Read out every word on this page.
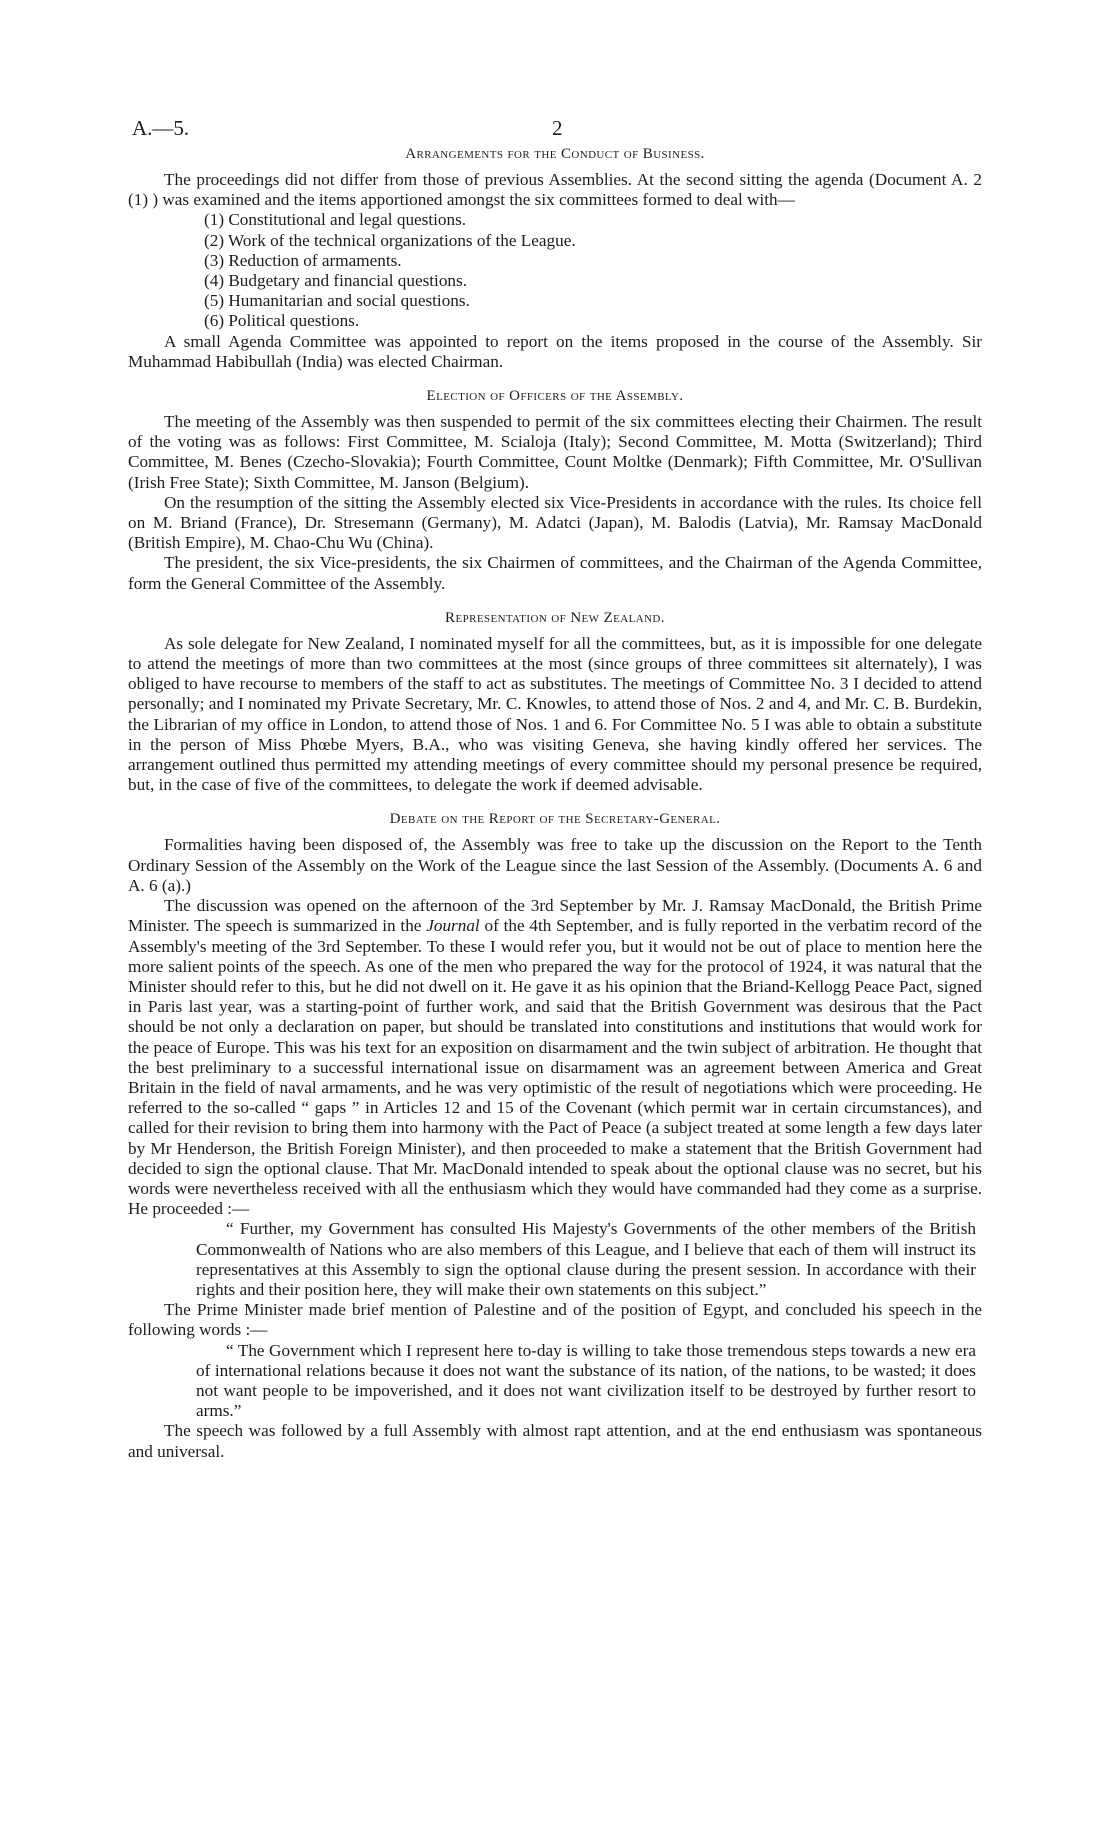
A.—5.	2
Arrangements for the Conduct of Business.

The proceedings did not differ from those of previous Assemblies. At the second sitting the agenda (Document A. 2 (1) ) was examined and the items apportioned amongst the six committees formed to deal with—

(1) Constitutional and legal questions.
(2) Work of the technical organizations of the League.
(3) Reduction of armaments.
(4) Budgetary and financial questions.
(5) Humanitarian and social questions.
(6) Political questions.

A small Agenda Committee was appointed to report on the items proposed in the course of the Assembly. Sir Muhammad Habibullah (India) was elected Chairman.

Election of Officers of the Assembly.

The meeting of the Assembly was then suspended to permit of the six committees electing their Chairmen. The result of the voting was as follows: First Committee, M. Scialoja (Italy); Second Committee, M. Motta (Switzerland); Third Committee, M. Benes (Czecho-Slovakia); Fourth Committee, Count Moltke (Denmark); Fifth Committee, Mr. O'Sullivan (Irish Free State); Sixth Committee, M. Janson (Belgium).

On the resumption of the sitting the Assembly elected six Vice-Presidents in accordance with the rules. Its choice fell on M. Briand (France), Dr. Stresemann (Germany), M. Adatci (Japan), M. Balodis (Latvia), Mr. Ramsay MacDonald (British Empire), M. Chao-Chu Wu (China).

The president, the six Vice-presidents, the six Chairmen of committees, and the Chairman of the Agenda Committee, form the General Committee of the Assembly.

Representation of New Zealand.

As sole delegate for New Zealand, I nominated myself for all the committees, but, as it is impossible for one delegate to attend the meetings of more than two committees at the most (since groups of three committees sit alternately), I was obliged to have recourse to members of the staff to act as substitutes. The meetings of Committee No. 3 I decided to attend personally; and I nominated my Private Secretary, Mr. C. Knowles, to attend those of Nos. 2 and 4, and Mr. C. B. Burdekin, the Librarian of my office in London, to attend those of Nos. 1 and 6. For Committee No. 5 I was able to obtain a substitute in the person of Miss Phœbe Myers, B.A., who was visiting Geneva, she having kindly offered her services. The arrangement outlined thus permitted my attending meetings of every committee should my personal presence be required, but, in the case of five of the committees, to delegate the work if deemed advisable.

Debate on the Report of the Secretary-General.

Formalities having been disposed of, the Assembly was free to take up the discussion on the Report to the Tenth Ordinary Session of the Assembly on the Work of the League since the last Session of the Assembly. (Documents A. 6 and A. 6 (a).)

The discussion was opened on the afternoon of the 3rd September by Mr. J. Ramsay MacDonald, the British Prime Minister. The speech is summarized in the Journal of the 4th September, and is fully reported in the verbatim record of the Assembly's meeting of the 3rd September. To these I would refer you, but it would not be out of place to mention here the more salient points of the speech. As one of the men who prepared the way for the protocol of 1924, it was natural that the Minister should refer to this, but he did not dwell on it. He gave it as his opinion that the Briand-Kellogg Peace Pact, signed in Paris last year, was a starting-point of further work, and said that the British Government was desirous that the Pact should be not only a declaration on paper, but should be translated into constitutions and institutions that would work for the peace of Europe. This was his text for an exposition on disarmament and the twin subject of arbitration. He thought that the best preliminary to a successful international issue on disarmament was an agreement between America and Great Britain in the field of naval armaments, and he was very optimistic of the result of negotiations which were proceeding. He referred to the so-called “ gaps ” in Articles 12 and 15 of the Covenant (which permit war in certain circumstances), and called for their revision to bring them into harmony with the Pact of Peace (a subject treated at some length a few days later by Mr Henderson, the British Foreign Minister), and then proceeded to make a statement that the British Government had decided to sign the optional clause. That Mr. MacDonald intended to speak about the optional clause was no secret, but his words were nevertheless received with all the enthusiasm which they would have commanded had they come as a surprise. He proceeded :—

“ Further, my Government has consulted His Majesty's Governments of the other members of the British Commonwealth of Nations who are also members of this League, and I believe that each of them will instruct its representatives at this Assembly to sign the optional clause during the present session. In accordance with their rights and their position here, they will make their own statements on this subject.”

The Prime Minister made brief mention of Palestine and of the position of Egypt, and concluded his speech in the following words :—

“ The Government which I represent here to-day is willing to take those tremendous steps towards a new era of international relations because it does not want the substance of its nation, of the nations, to be wasted; it does not want people to be impoverished, and it does not want civilization itself to be destroyed by further resort to arms.”

The speech was followed by a full Assembly with almost rapt attention, and at the end enthusiasm was spontaneous and universal.
